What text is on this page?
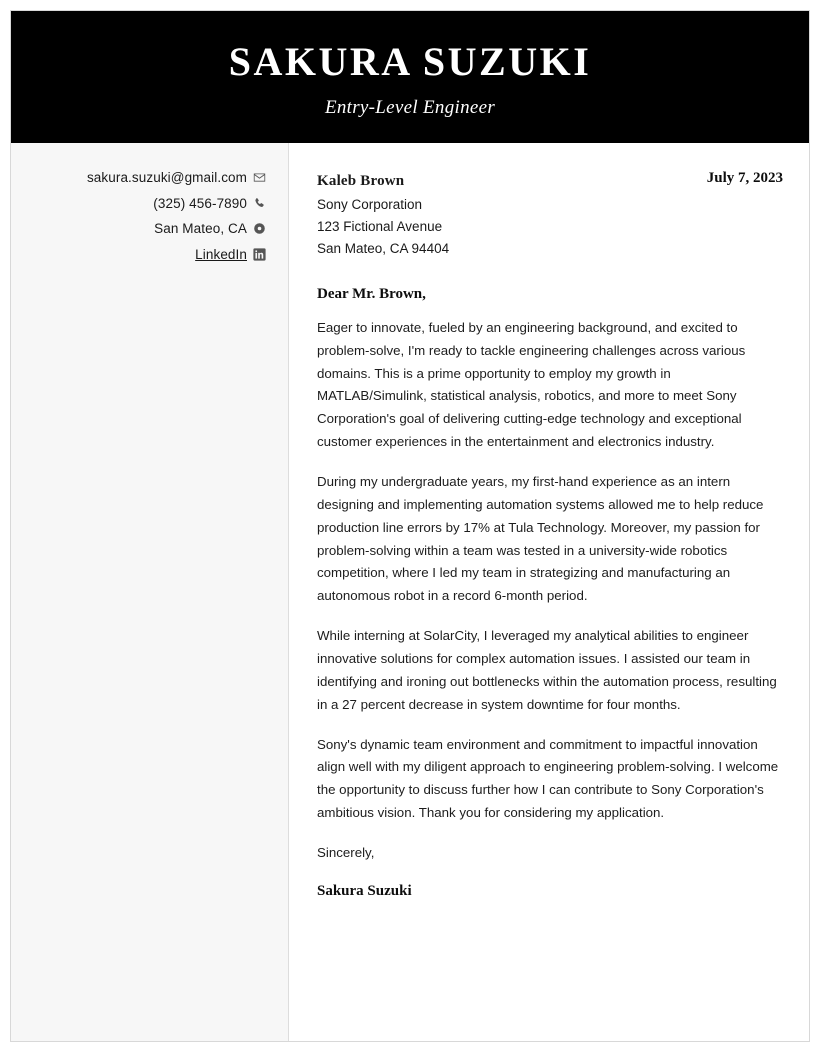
SAKURA SUZUKI
Entry-Level Engineer
sakura.suzuki@gmail.com
(325) 456-7890
San Mateo, CA
LinkedIn
Kaleb Brown
Sony Corporation
123 Fictional Avenue
San Mateo, CA 94404
July 7, 2023
Dear Mr. Brown,

Eager to innovate, fueled by an engineering background, and excited to problem-solve, I'm ready to tackle engineering challenges across various domains. This is a prime opportunity to employ my growth in MATLAB/Simulink, statistical analysis, robotics, and more to meet Sony Corporation's goal of delivering cutting-edge technology and exceptional customer experiences in the entertainment and electronics industry.

During my undergraduate years, my first-hand experience as an intern designing and implementing automation systems allowed me to help reduce production line errors by 17% at Tula Technology. Moreover, my passion for problem-solving within a team was tested in a university-wide robotics competition, where I led my team in strategizing and manufacturing an autonomous robot in a record 6-month period.

While interning at SolarCity, I leveraged my analytical abilities to engineer innovative solutions for complex automation issues. I assisted our team in identifying and ironing out bottlenecks within the automation process, resulting in a 27 percent decrease in system downtime for four months.

Sony's dynamic team environment and commitment to impactful innovation align well with my diligent approach to engineering problem-solving. I welcome the opportunity to discuss further how I can contribute to Sony Corporation's ambitious vision. Thank you for considering my application.

Sincerely,
Sakura Suzuki
